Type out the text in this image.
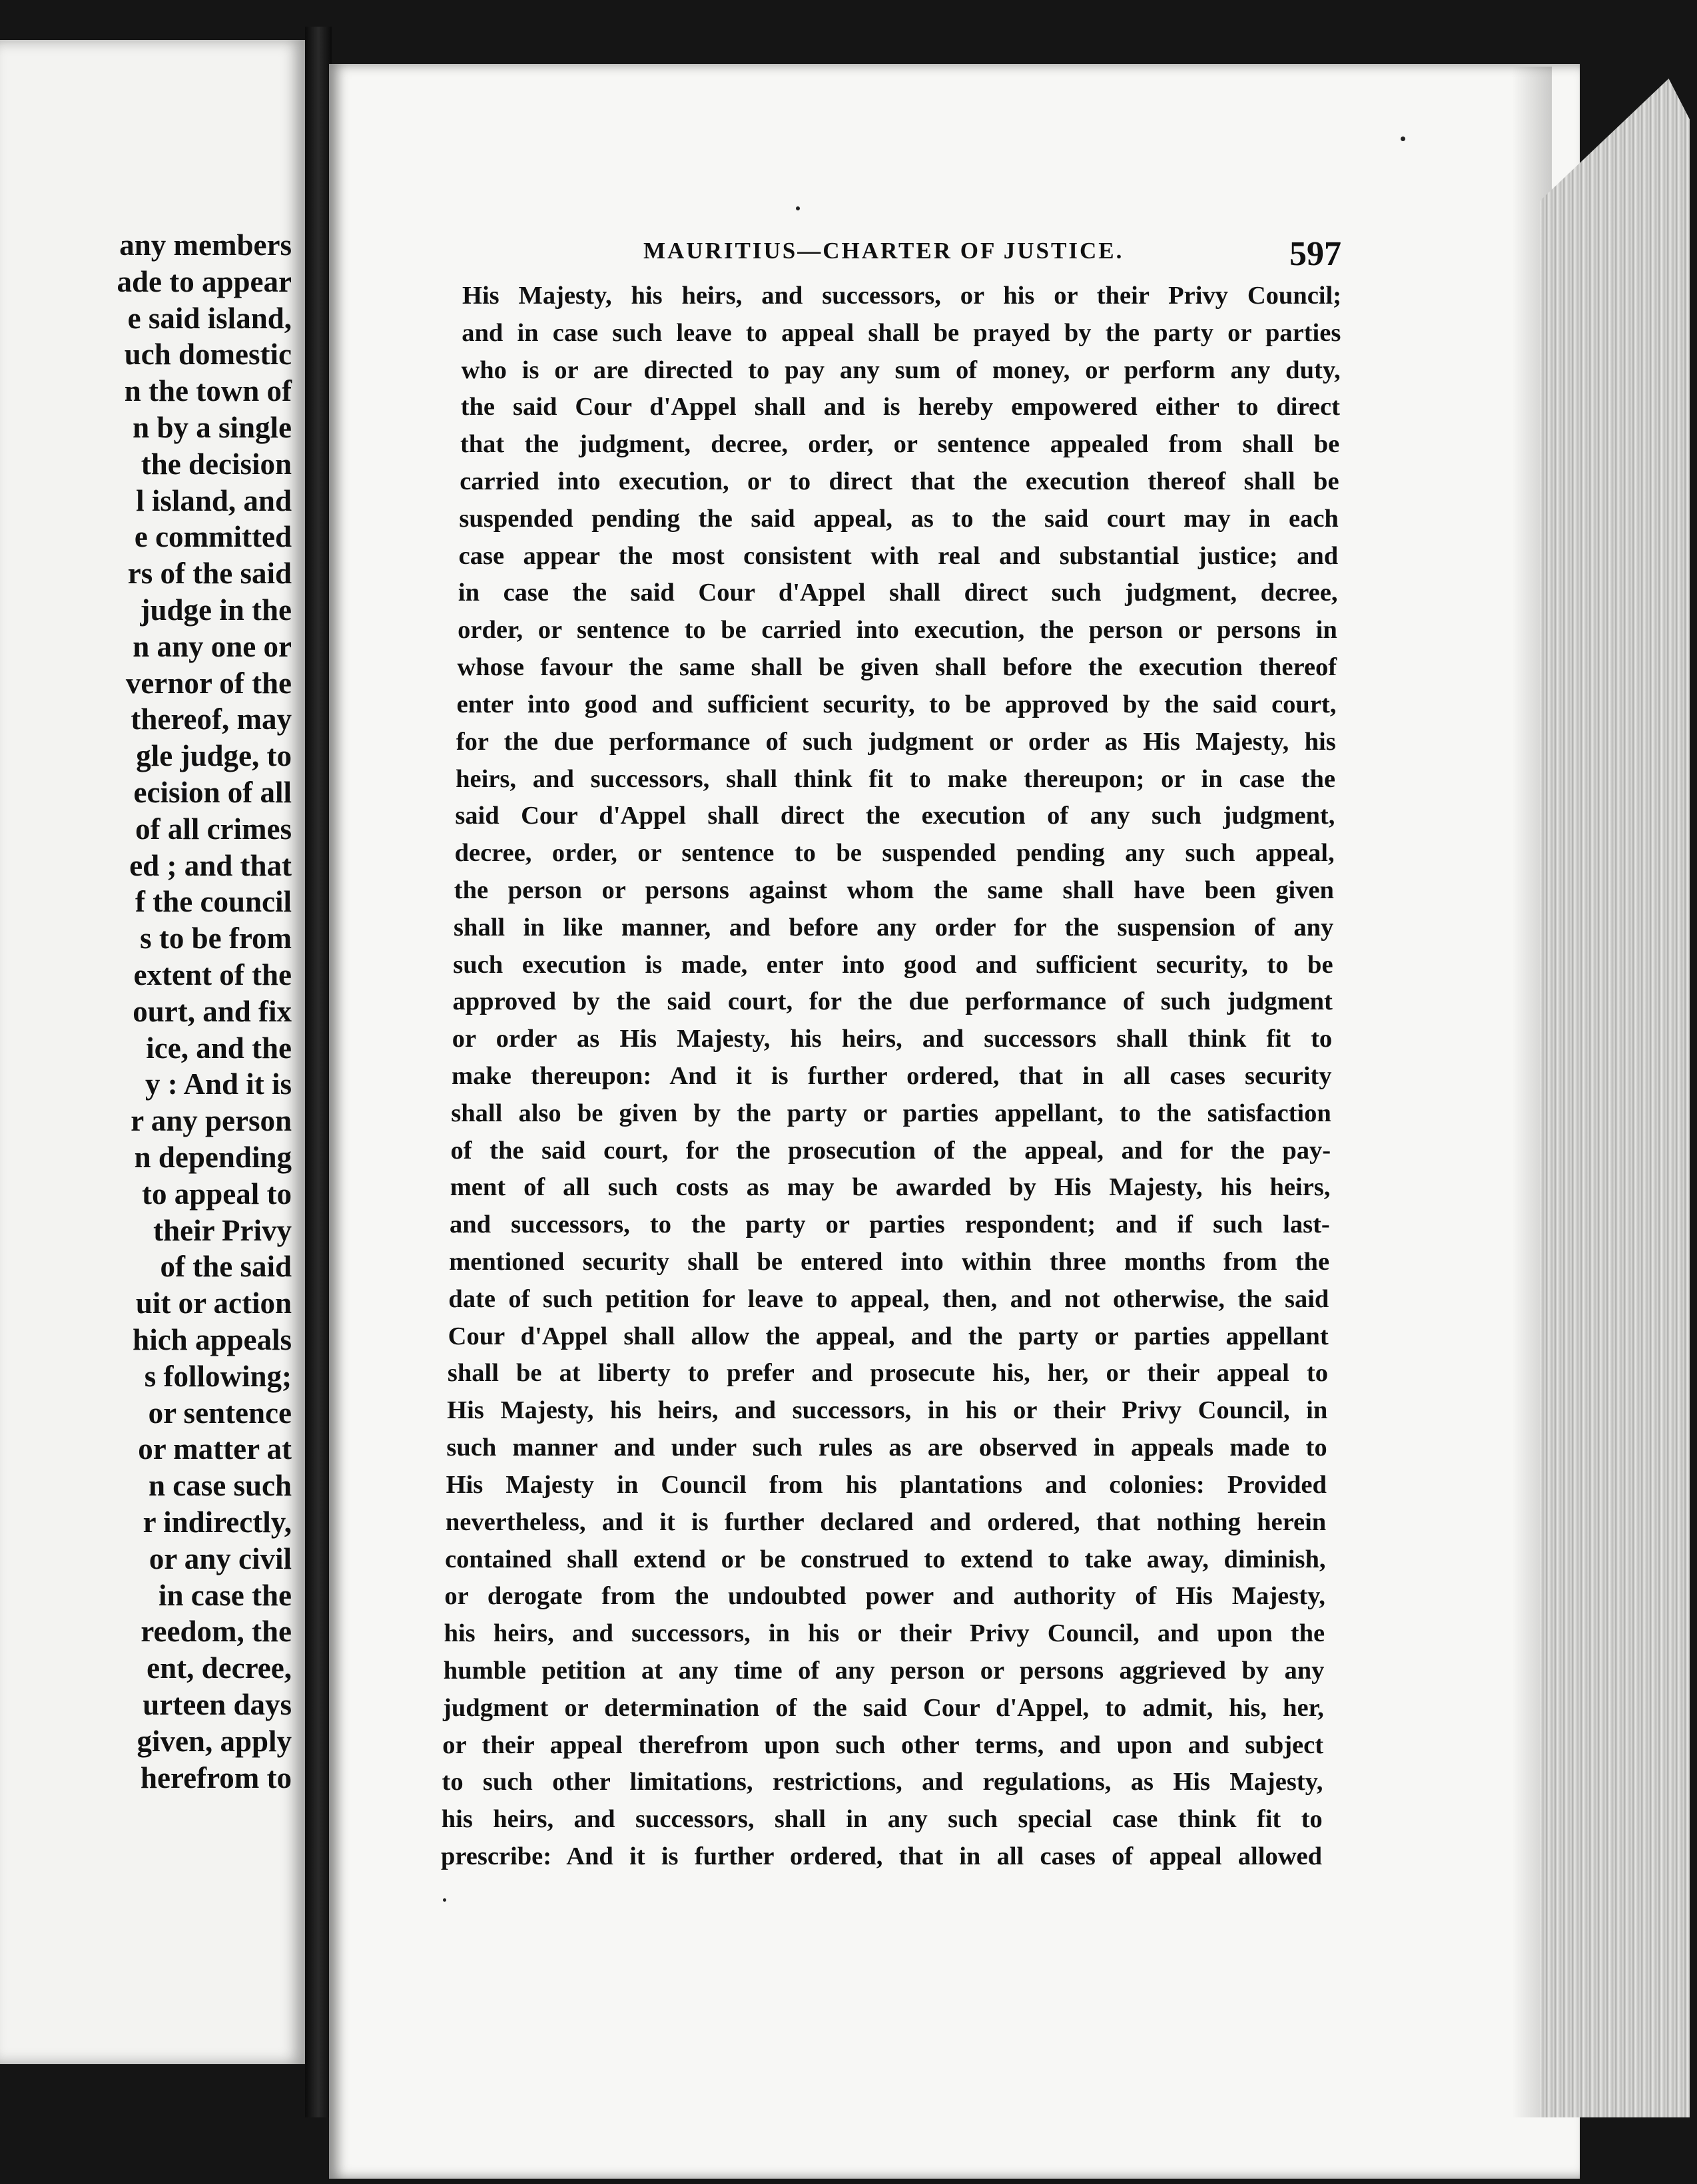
any members
ade to appear
e said island,
uch domestic
n the town of
n by a single
the decision
l island, and
e committed
rs of the said
judge in the
n any one or
vernor of the
thereof, may
gle judge, to
ecision of all
of all crimes
ed ; and that
f the council
s to be from
extent of the
ourt, and fix
ice, and the
y : And it is
r any person
n depending
to appeal to
their Privy
of the said
uit or action
hich appeals
s following;
or sentence
or matter at
n case such
r indirectly,
or any civil
in case the
reedom, the
ent, decree,
urteen days
given, apply
herefrom to
MAURITIUS—CHARTER OF JUSTICE.	597
His Majesty, his heirs, and successors, or his or their Privy Council;
and in case such leave to appeal shall be prayed by the party or parties
who is or are directed to pay any sum of money, or perform any duty,
the said Cour d'Appel shall and is hereby empowered either to direct
that the judgment, decree, order, or sentence appealed from shall be
carried into execution, or to direct that the execution thereof shall be
suspended pending the said appeal, as to the said court may in each
case appear the most consistent with real and substantial justice; and
in case the said Cour d'Appel shall direct such judgment, decree,
order, or sentence to be carried into execution, the person or persons in
whose favour the same shall be given shall before the execution thereof
enter into good and sufficient security, to be approved by the said court,
for the due performance of such judgment or order as His Majesty, his
heirs, and successors, shall think fit to make thereupon; or in case the
said Cour d'Appel shall direct the execution of any such judgment,
decree, order, or sentence to be suspended pending any such appeal,
the person or persons against whom the same shall have been given
shall in like manner, and before any order for the suspension of any
such execution is made, enter into good and sufficient security, to be
approved by the said court, for the due performance of such judgment
or order as His Majesty, his heirs, and successors shall think fit to
make thereupon: And it is further ordered, that in all cases security
shall also be given by the party or parties appellant, to the satisfaction
of the said court, for the prosecution of the appeal, and for the pay-
ment of all such costs as may be awarded by His Majesty, his heirs,
and successors, to the party or parties respondent; and if such last-
mentioned security shall be entered into within three months from the
date of such petition for leave to appeal, then, and not otherwise, the said
Cour d'Appel shall allow the appeal, and the party or parties appellant
shall be at liberty to prefer and prosecute his, her, or their appeal to
His Majesty, his heirs, and successors, in his or their Privy Council, in
such manner and under such rules as are observed in appeals made to
His Majesty in Council from his plantations and colonies: Provided
nevertheless, and it is further declared and ordered, that nothing herein
contained shall extend or be construed to extend to take away, diminish,
or derogate from the undoubted power and authority of His Majesty,
his heirs, and successors, in his or their Privy Council, and upon the
humble petition at any time of any person or persons aggrieved by any
judgment or determination of the said Cour d'Appel, to admit, his, her,
or their appeal therefrom upon such other terms, and upon and subject
to such other limitations, restrictions, and regulations, as His Majesty,
his heirs, and successors, shall in any such special case think fit to
prescribe: And it is further ordered, that in all cases of appeal allowed
